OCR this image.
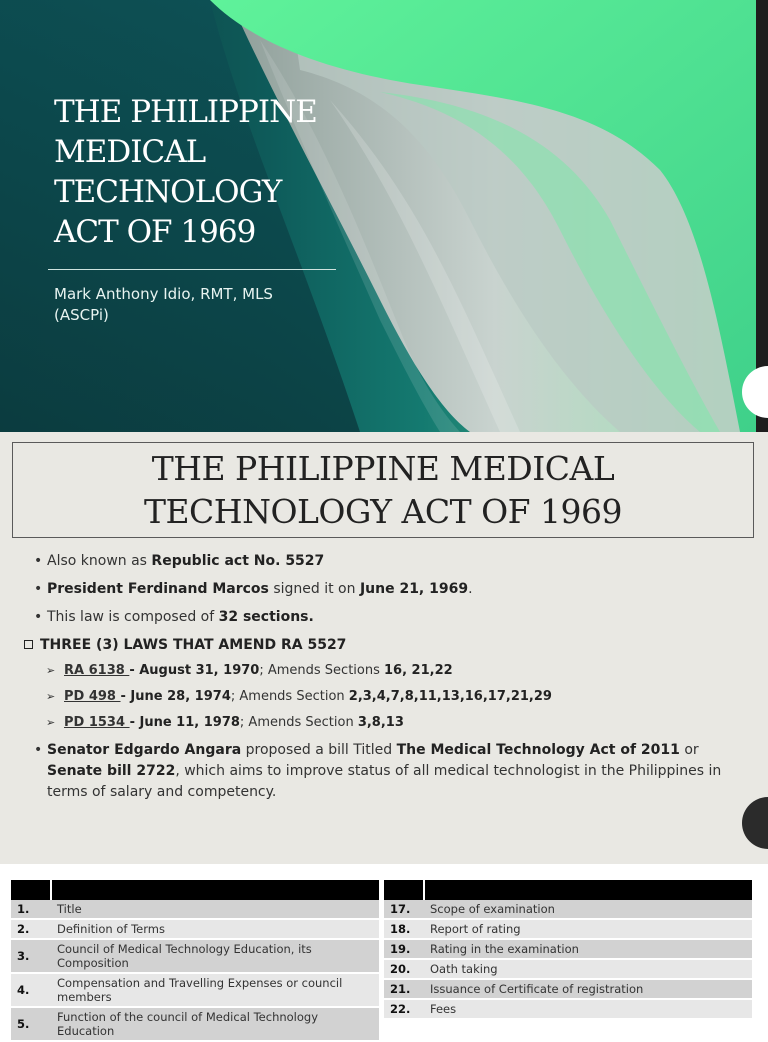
THE PHILIPPINE
MEDICAL
TECHNOLOGY
ACT OF 1969
Mark Anthony Idio, RMT, MLS
(ASCPi)
THE PHILIPPINE MEDICAL
TECHNOLOGY ACT OF 1969
• Also known as Republic act No. 5527
• President Ferdinand Marcos signed it on June 21, 1969.
• This law is composed of 32 sections.
THREE (3) LAWS THAT AMEND RA 5527
➢ RA 6138 - August 31, 1970; Amends Sections 16, 21,22
➢ PD 498 - June 28, 1974; Amends Section 2,3,4,7,8,11,13,16,17,21,29
➢ PD 1534 - June 11, 1978; Amends Section 3,8,13
• Senator Edgardo Angara proposed a bill Titled The Medical Technology Act of 2011 or Senate bill 2722, which aims to improve status of all medical technologist in the Philippines in terms of salary and competency.

1.	Title
2.	Definition of Terms
3.	Council of Medical Technology Education, its Composition
4.	Compensation and Travelling Expenses or council members
5.	Function of the council of Medical Technology Education

17.	Scope of examination
18.	Report of rating
19.	Rating in the examination
20.	Oath taking
21.	Issuance of Certificate of registration
22.	Fees
